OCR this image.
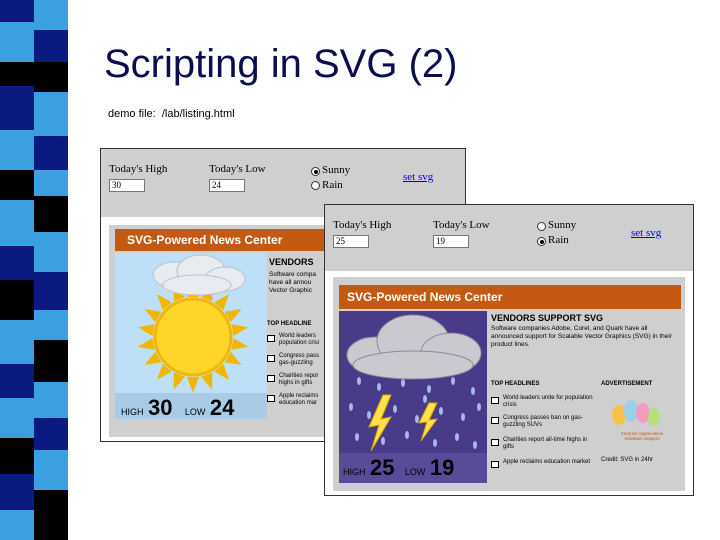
Scripting in SVG (2)
demo file: /lab/listing.html
Today's High
30
Today's Low
24
Sunny
Rain
set svg
SVG-Powered News Center
HIGH 30 LOW 24
VENDORS
Software compa
have all annou
Vector Graphic
TOP HEADLINE
World leaders population crisi
Congress pass gas-guzzling
Charities repor highs in gifts
Apple reclaims education mar
Today's High
25
Today's Low
19
Sunny
Rain
set svg
SVG-Powered News Center
HIGH 25 LOW 19
VENDORS SUPPORT SVG
Software companies Adobe, Corel, and Quark have all announced support for Scalable Vector Graphics (SVG) in their product lines.
TOP HEADLINES	ADVERTISEMENT
World leaders unite for population crisis
Congress passes ban on gas-guzzling SUVs
Charities report all-time highs in gifts
Apple reclaims education market
Surprise Appreciative Salvation Support
Credit: SVG in 24hr
